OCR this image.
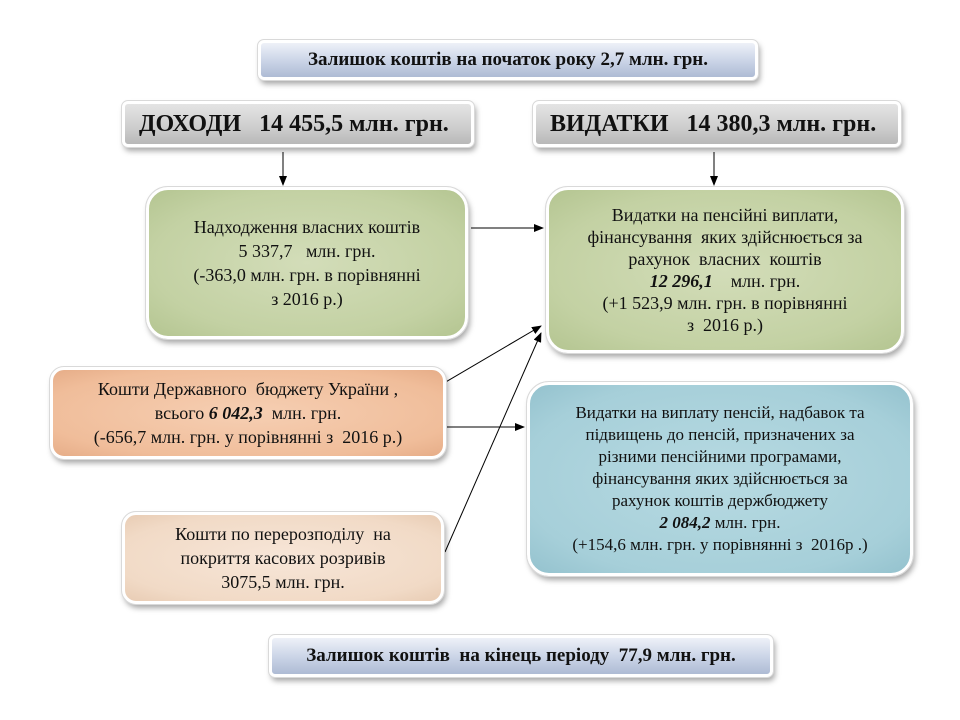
Залишок коштів на початок року 2,7 млн. грн.
ДОХОДИ 14 455,5 млн. грн.	ВИДАТКИ 14 380,3 млн. грн.
Надходження власних коштів
5 337,7   млн. грн.
(-363,0 млн. грн. в порівнянні
з 2016 р.)
Видатки на пенсійні виплати,
фінансування  яких здійснюється за
рахунок  власних  коштів
12 296,1    млн. грн.
(+1 523,9 млн. грн. в порівнянні
з  2016 р.)
Кошти Державного  бюджету України ,
всього 6 042,3  млн. грн.
(-656,7 млн. грн. у порівнянні з  2016 р.)
Видатки на виплату пенсій, надбавок та
підвищень до пенсій, призначених за
різними пенсійними програмами,
фінансування яких здійснюється за
рахунок коштів держбюджету
2 084,2 млн. грн.
(+154,6 млн. грн. у порівнянні з  2016р .)
Кошти по перерозподілу  на
покриття касових розривів
3075,5 млн. грн.
Залишок коштів  на кінець періоду  77,9 млн. грн.
